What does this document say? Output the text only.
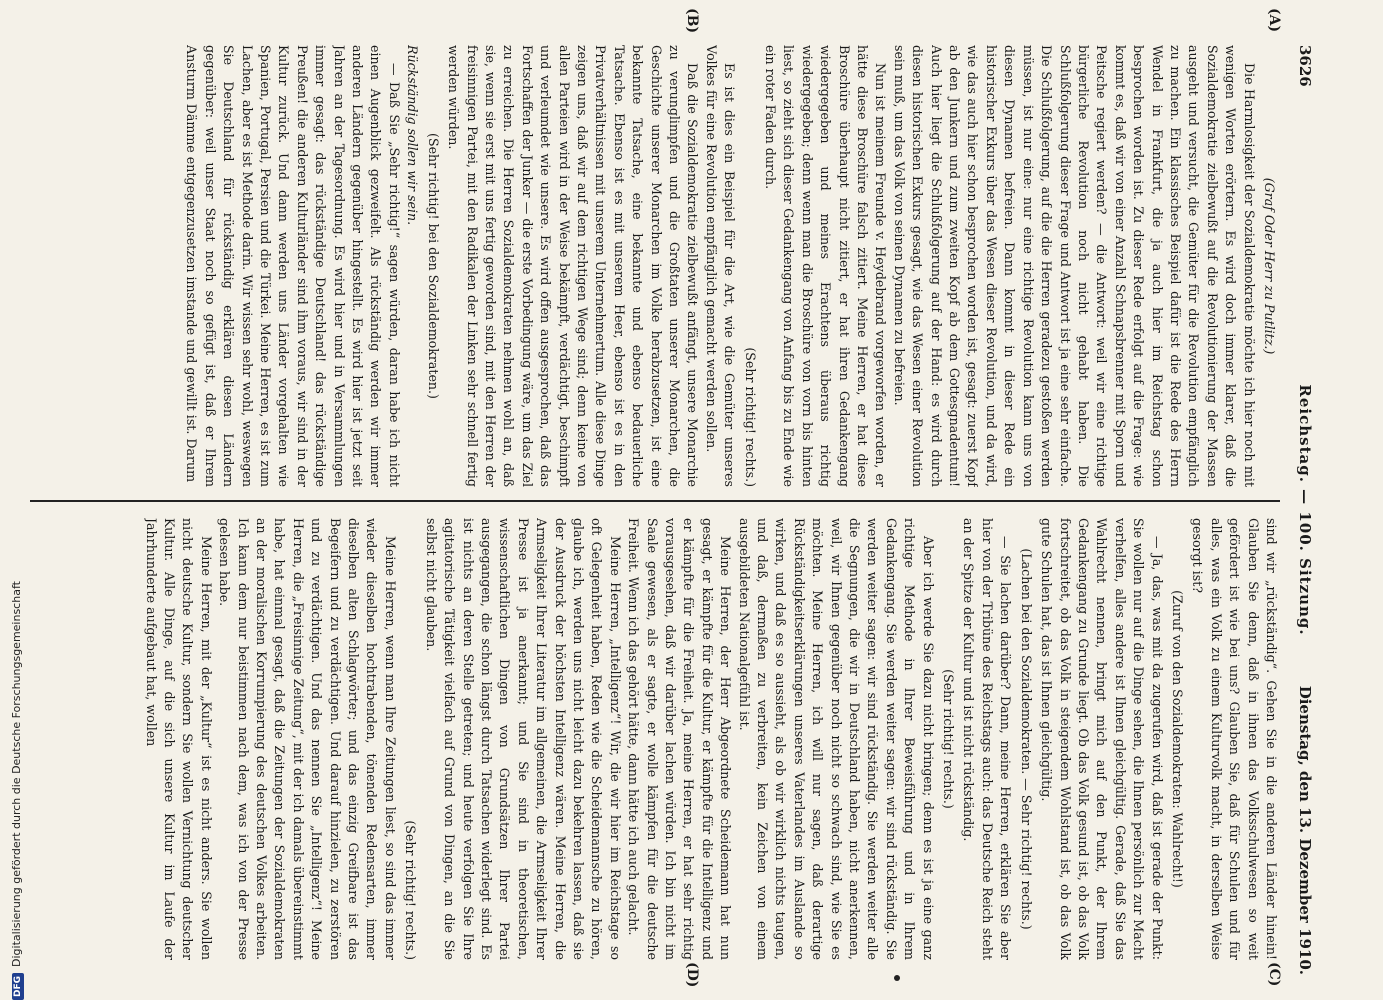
3626
Reichstag. — 100. Sitzung.
Dienstag, den 13. Dezember 1910.
(A)
(B)
(C)
(D)

(Graf Oder Herr zu Putlitz.)

Die Harmlosigkeit der Sozialdemokratie möchte ich hier noch mit wenigen Worten erörtern. Es wird doch immer klarer, daß die Sozialdemokratie zielbewußt auf die Revolutionierung der Massen ausgeht und versucht, die Gemüter für die Revolution empfänglich zu machen. Ein klassisches Beispiel dafür ist die Rede des Herrn Wendel in Frankfurt, die ja auch hier im Reichstag schon besprochen worden ist. Zu dieser Rede erfolgt auf die Frage: wie kommt es, daß wir von einer Anzahl Schnapsbrenner mit Sporn und Peitsche regiert werden? — die Antwort: weil wir eine richtige bürgerliche Revolution noch nicht gehabt haben. Die Schlußfolgerung dieser Frage und Antwort ist ja eine sehr einfache. Die Schlußfolgerung, auf die die Herren geradezu gestoßen werden müssen, ist nur eine: nur eine richtige Revolution kann uns von diesen Dynamen befreien. Dann kommt in dieser Rede ein historischer Exkurs über das Wesen dieser Revolution, und da wird, wie das auch hier schon besprochen worden ist, gesagt: zuerst Kopf ab den Junkern und zum zweiten Kopf ab dem Gottesgnadentum! Auch hier liegt die Schlußfolgerung auf der Hand: es wird durch diesen historischen Exkurs gesagt, wie das Wesen einer Revolution sein muß, um das Volk von seinen Dynamen zu befreien.

Nun ist meinem Freunde v. Heydebrand vorgeworfen worden, er hätte diese Broschüre falsch zitiert. Meine Herren, er hat diese Broschüre überhaupt nicht zitiert, er hat ihren Gedankengang wiedergegeben und meines Erachtens überaus richtig wiedergegeben; denn wenn man die Broschüre von vorn bis hinten liest, so zieht sich dieser Gedankengang von Anfang bis zu Ende wie ein roter Faden durch.

(Sehr richtig! rechts.)

Es ist dies ein Beispiel für die Art, wie die Gemüter unseres Volkes für eine Revolution empfänglich gemacht werden sollen.

Daß die Sozialdemokratie zielbewußt anfängt, unsere Monarchie zu verunglimpfen und die Großtaten unserer Monarchen, die Geschichte unserer Monarchen im Volke herabzusetzen, ist eine bekannte Tatsache, eine bekannte und ebenso bedauerliche Tatsache. Ebenso ist es mit unserem Heer, ebenso ist es in den Privatverhältnissen mit unserem Unternehmertum. Alle diese Dinge zeigen uns, daß wir auf dem richtigen Wege sind; denn keine von allen Parteien wird in der Weise bekämpft, verdächtigt, beschimpft und verleumdet wie unsere. Es wird offen ausgesprochen, daß das Fortschaffen der Junker — die erste Vorbedingung wäre, um das Ziel zu erreichen. Die Herren Sozialdemokraten nehmen wohl an, daß sie, wenn sie erst mit uns fertig geworden sind, mit den Herren der freisinnigen Partei, mit den Radikalen der Linken sehr schnell fertig werden würden.

(Sehr richtig! bei den Sozialdemokraten.)

Rückständig sollen wir sein.

— Daß Sie „Sehr richtig!“ sagen würden, daran habe ich nicht einen Augenblick gezweifelt. Als rückständig werden wir immer anderen Ländern gegenüber hingestellt. Es wird hier ist jetzt seit Jahren an der Tagesordnung. Es wird hier und in Versammlungen immer gesagt: das rückständige Deutschland! das rückständige Preußen! die anderen Kulturländer sind ihm voraus, wir sind in der Kultur zurück. Und dann werden uns Länder vorgehalten wie Spanien, Portugal, Persien und die Türkei. Meine Herren, es ist zum Lachen, aber es ist Methode darin. Wir wissen sehr wohl, weswegen Sie Deutschland für rückständig erklären diesen Ländern gegenüber: weil unser Staat noch so gefügt ist, daß er Ihrem Ansturm Dämme entgegenzusetzen imstande und gewillt ist. Darum

sind wir „rückständig“. Gehen Sie in die anderen Länder hinein! Glauben Sie denn, daß in ihnen das Volksschulwesen so weit gefördert ist wie bei uns? Glauben Sie, daß für Schulen und für alles, was ein Volk zu einem Kulturvolk macht, in derselben Weise gesorgt ist?

(Zuruf von den Sozialdemokraten: Wahlrecht!)

— Ja, das, was mit da zugerufen wird, daß ist gerade der Punkt: Sie wollen nur auf die Dinge sehen, die Ihnen persönlich zur Macht verhelfen, alles andere ist Ihnen gleichgültig. Gerade, daß Sie das Wahlrecht nennen, bringt mich auf den Punkt, der Ihrem Gedankengang zu Grunde liegt. Ob das Volk gesund ist, ob das Volk fortschreitet, ob das Volk in steigendem Wohlstand ist, ob das Volk gute Schulen hat, das ist Ihnen gleichgültig.

(Lachen bei den Sozialdemokraten. — Sehr richtig! rechts.)

— Sie lachen darüber? Dann, meine Herren, erklären Sie aber hier von der Tribüne des Reichstags auch: das Deutsche Reich steht an der Spitze der Kultur und ist nicht rückständig.

(Sehr richtig! rechts.)

Aber ich werde Sie dazu nicht bringen; denn es ist ja eine ganz richtige Methode in Ihrer Beweisführung und in Ihrem Gedankengang. Sie werden weiter sagen: wir sind rückständig. Sie werden weiter sagen: wir sind rückständig. Sie werden weiter alle die Segnungen, die wir in Deutschland haben, nicht anerkennen, weil, wir Ihnen gegenüber noch nicht so schwach sind, wie Sie es möchten. Meine Herren, ich will nur sagen, daß derartige Rückständigkeitserklärungen unseres Vaterlandes im Auslande so wirken, und daß es so aussieht, als ob wir wirklich nichts taugen, und daß, dermaßen zu verbreiten, kein Zeichen von einem ausgebildeten Nationalgefühl ist.

Meine Herren, der Herr Abgeordnete Scheidemann hat nun gesagt, er kämpfte für die Kultur, er kämpfte für die Intelligenz und er kämpfte für die Freiheit. Ja, meine Herren, er hat sehr richtig vorausgesehen, daß wir darüber lachen würden. Ich bin nicht im Saale gewesen, als er sagte, er wolle kämpfen für die deutsche Freiheit. Wenn ich das gehört hätte, dann hätte ich auch gelacht.

Meine Herren, „Intelligenz“! Wir, die wir hier im Reichstage so oft Gelegenheit haben, Reden wie die Scheidemannsche zu hören, glaube ich, werden uns nicht leicht dazu bekehren lassen, daß sie der Ausdruck der höchsten Intelligenz wären. Meine Herren, die Armseligkeit Ihrer Literatur im allgemeinen, die Armseligkeit Ihrer Presse ist ja anerkannt; und Sie sind in theoretischen, wissenschaftlichen Dingen von Grundsätzen Ihrer Partei ausgegangen, die schon längst durch Tatsachen widerlegt sind. Es ist nichts an deren Stelle getreten; und heute verfolgen Sie Ihre agitatorische Tätigkeit vielfach auf Grund von Dingen, an die Sie selbst nicht glauben.

(Sehr richtig! rechts.)

Meine Herren, wenn man Ihre Zeitungen liest, so sind das immer wieder dieselben hochtrabenden, tönenden Redensarten, immer dieselben alten Schlagwörter; und das einzig Greifbare ist das Begeifern und zu verdächtigen. Und darauf hinzielen, zu zerstören und zu verdächtigen. Und das nennen Sie „Intelligenz“! Meine Herren, die „Freisinnige Zeitung“, mit der ich damals übereinstimmt habe, hat einmal gesagt, daß die Zeitungen der Sozialdemokraten an der moralischen Korrumpierung des deutschen Volkes arbeiten. Ich kann dem nur beistimmen nach dem, was ich von der Presse gelesen habe.

Meine Herren, mit der „Kultur“ ist es nicht anders. Sie wollen nicht deutsche Kultur, sondern Sie wollen Vernichtung deutscher Kultur. Alle Dinge, auf die sich unsere Kultur im Laufe der Jahrhunderte aufgebaut hat, wollen

DFGDigitalisierung gefördert durch die Deutsche Forschungsgemeinschaft
